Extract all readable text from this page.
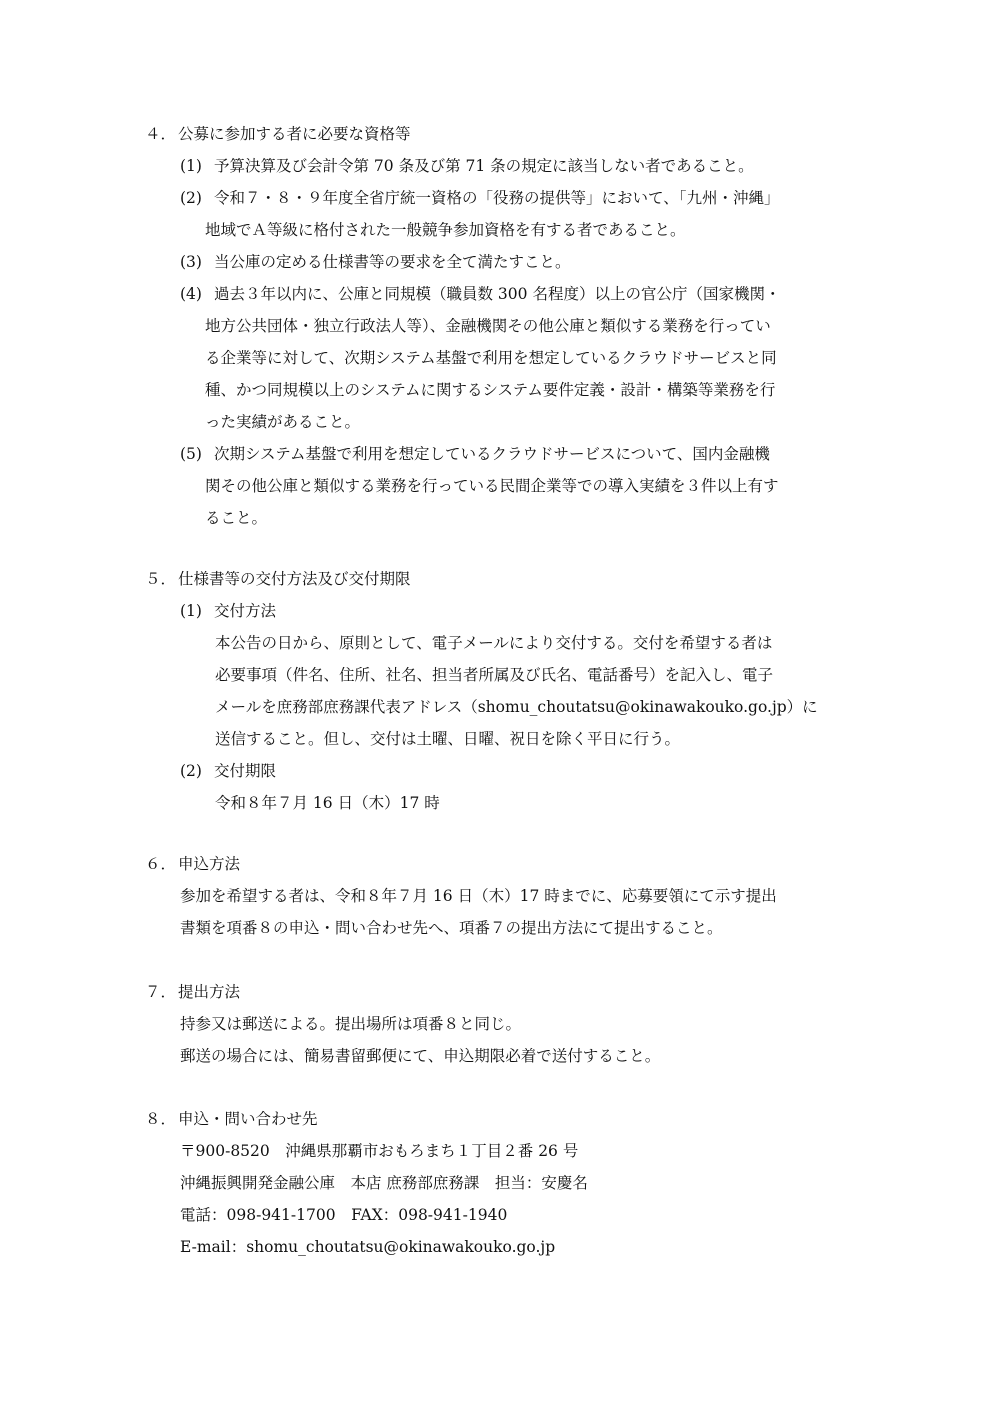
４． 公募に参加する者に必要な資格等
(1) 予算決算及び会計令第 70 条及び第 71 条の規定に該当しない者であること。
(2) 令和７・８・９年度全省庁統一資格の「役務の提供等」において、「九州・沖縄」
地域でＡ等級に格付された一般競争参加資格を有する者であること。
(3) 当公庫の定める仕様書等の要求を全て満たすこと。
(4) 過去３年以内に、公庫と同規模（職員数 300 名程度）以上の官公庁（国家機関・
地方公共団体・独立行政法人等）、金融機関その他公庫と類似する業務を行ってい
る企業等に対して、次期システム基盤で利用を想定しているクラウドサービスと同
種、かつ同規模以上のシステムに関するシステム要件定義・設計・構築等業務を行
った実績があること。
(5) 次期システム基盤で利用を想定しているクラウドサービスについて、国内金融機
関その他公庫と類似する業務を行っている民間企業等での導入実績を３件以上有す
ること。
５． 仕様書等の交付方法及び交付期限
(1) 交付方法
本公告の日から、原則として、電子メールにより交付する。交付を希望する者は
必要事項（件名、住所、社名、担当者所属及び氏名、電話番号）を記入し、電子
メールを庶務部庶務課代表アドレス（shomu_choutatsu@okinawakouko.go.jp）に
送信すること。但し、交付は土曜、日曜、祝日を除く平日に行う。
(2) 交付期限
令和８年７月 16 日（木）17 時
６． 申込方法
参加を希望する者は、令和８年７月 16 日（木）17 時までに、応募要領にて示す提出
書類を項番８の申込・問い合わせ先へ、項番７の提出方法にて提出すること。
７． 提出方法
持参又は郵送による。提出場所は項番８と同じ。
郵送の場合には、簡易書留郵便にて、申込期限必着で送付すること。
８． 申込・問い合わせ先
〒900-8520　沖縄県那覇市おもろまち１丁目２番 26 号
沖縄振興開発金融公庫　本店 庶務部庶務課　担当：安慶名
電話：098-941-1700　FAX：098-941-1940
E-mail：shomu_choutatsu@okinawakouko.go.jp
